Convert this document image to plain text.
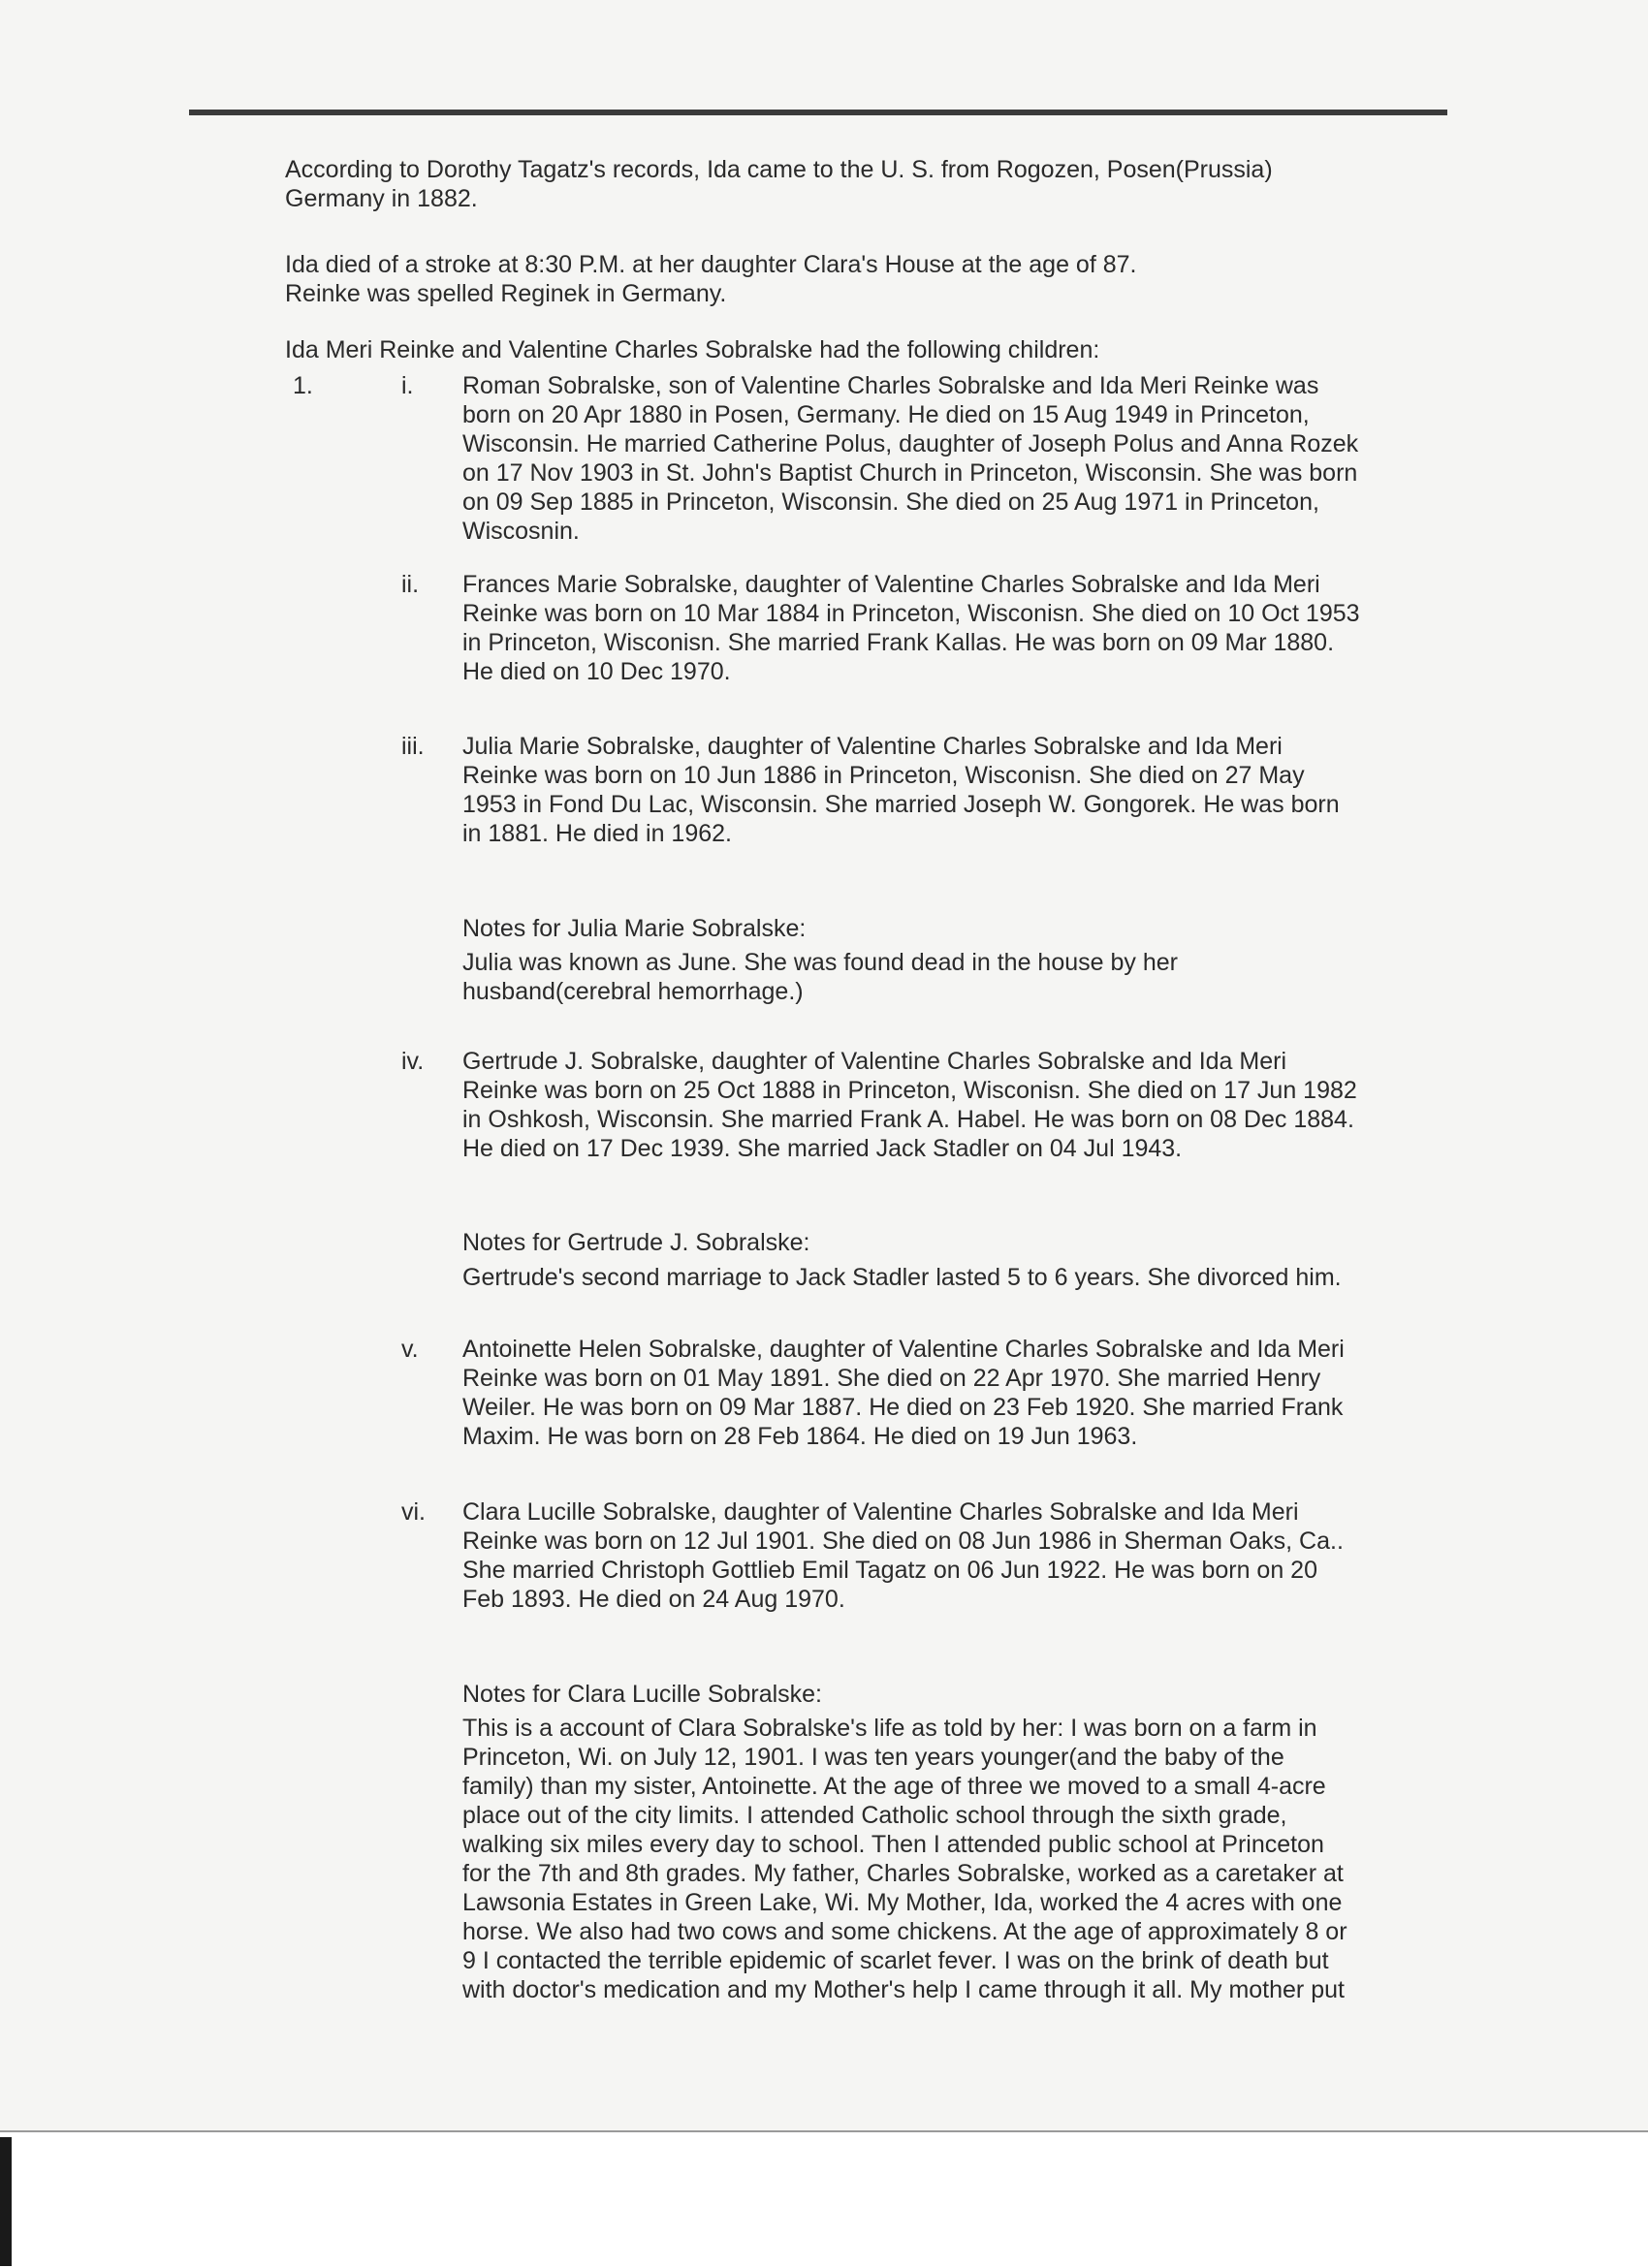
According to Dorothy Tagatz's records, Ida came to the U. S. from Rogozen, Posen(Prussia)
Germany in 1882.

Ida died of a stroke at 8:30 P.M. at her daughter Clara's House at the age of 87.
Reinke was spelled Reginek in Germany.

Ida Meri Reinke and Valentine Charles Sobralske had the following children:

1.	i. Roman Sobralske, son of Valentine Charles Sobralske and Ida Meri Reinke was
born on 20 Apr 1880 in Posen, Germany. He died on 15 Aug 1949 in Princeton,
Wisconsin. He married Catherine Polus, daughter of Joseph Polus and Anna Rozek
on 17 Nov 1903 in St. John's Baptist Church in Princeton, Wisconsin. She was born
on 09 Sep 1885 in Princeton, Wisconsin. She died on 25 Aug 1971 in Princeton,
Wiscosnin.

ii. Frances Marie Sobralske, daughter of Valentine Charles Sobralske and Ida Meri
Reinke was born on 10 Mar 1884 in Princeton, Wisconisn. She died on 10 Oct 1953
in Princeton, Wisconisn. She married Frank Kallas. He was born on 09 Mar 1880.
He died on 10 Dec 1970.

iii. Julia Marie Sobralske, daughter of Valentine Charles Sobralske and Ida Meri
Reinke was born on 10 Jun 1886 in Princeton, Wisconisn. She died on 27 May
1953 in Fond Du Lac, Wisconsin. She married Joseph W. Gongorek. He was born
in 1881. He died in 1962.

Notes for Julia Marie Sobralske:

Julia was known as June. She was found dead in the house by her
husband(cerebral hemorrhage.)

iv. Gertrude J. Sobralske, daughter of Valentine Charles Sobralske and Ida Meri
Reinke was born on 25 Oct 1888 in Princeton, Wisconisn. She died on 17 Jun 1982
in Oshkosh, Wisconsin. She married Frank A. Habel. He was born on 08 Dec 1884.
He died on 17 Dec 1939. She married Jack Stadler on 04 Jul 1943.

Notes for Gertrude J. Sobralske:

Gertrude's second marriage to Jack Stadler lasted 5 to 6 years. She divorced him.

v. Antoinette Helen Sobralske, daughter of Valentine Charles Sobralske and Ida Meri
Reinke was born on 01 May 1891. She died on 22 Apr 1970. She married Henry
Weiler. He was born on 09 Mar 1887. He died on 23 Feb 1920. She married Frank
Maxim. He was born on 28 Feb 1864. He died on 19 Jun 1963.

vi. Clara Lucille Sobralske, daughter of Valentine Charles Sobralske and Ida Meri
Reinke was born on 12 Jul 1901. She died on 08 Jun 1986 in Sherman Oaks, Ca..
She married Christoph Gottlieb Emil Tagatz on 06 Jun 1922. He was born on 20
Feb 1893. He died on 24 Aug 1970.

Notes for Clara Lucille Sobralske:

This is a account of Clara Sobralske's life as told by her: I was born on a farm in
Princeton, Wi. on July 12, 1901. I was ten years younger(and the baby of the
family) than my sister, Antoinette. At the age of three we moved to a small 4-acre
place out of the city limits. I attended Catholic school through the sixth grade,
walking six miles every day to school. Then I attended public school at Princeton
for the 7th and 8th grades. My father, Charles Sobralske, worked as a caretaker at
Lawsonia Estates in Green Lake, Wi. My Mother, Ida, worked the 4 acres with one
horse. We also had two cows and some chickens. At the age of approximately 8 or
9 I contacted the terrible epidemic of scarlet fever. I was on the brink of death but
with doctor's medication and my Mother's help I came through it all. My mother put
